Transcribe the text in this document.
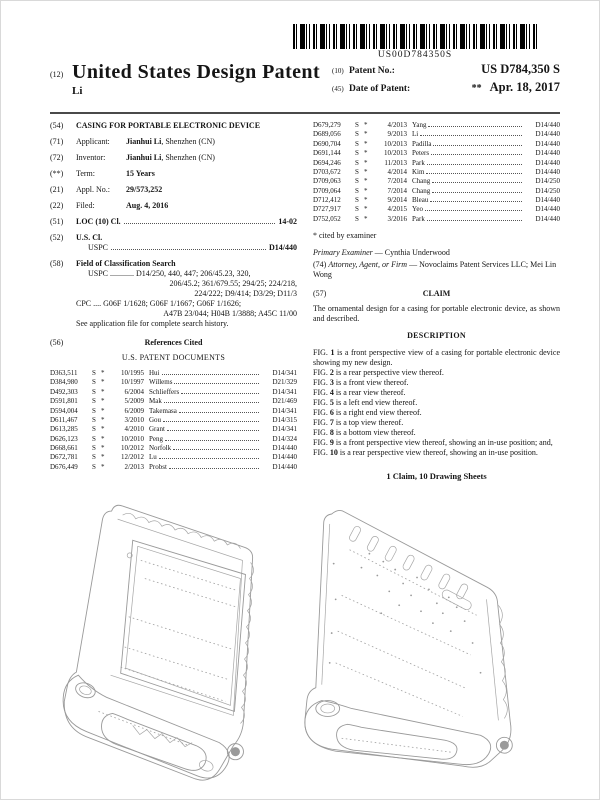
US00D784350S
(12) United States Design Patent
Li
(10) Patent No.:	US D784,350 S
(45) Date of Patent:	** Apr. 18, 2017
(54)	CASING FOR PORTABLE ELECTRONIC DEVICE
(71)	Applicant: Jianhui Li, Shenzhen (CN)
(72)	Inventor:	Jianhui Li, Shenzhen (CN)
(**)	Term:	15 Years
(21)	Appl. No.: 29/573,252
(22)	Filed:	Aug. 4, 2016
(51)	LOC (10) Cl.	14-02
(52)	U.S. Cl.
USPC	D14/440
(58)	Field of Classification Search
USPC ............ D14/250, 440, 447; 206/45.23, 320,
206/45.2; 361/679.55; 294/25; 224/218,
224/222; D9/414; D3/29; D11/3
CPC .... G06F 1/1628; G06F 1/1667; G06F 1/1626;
A47B 23/044; H04B 1/3888; A45C 11/00
See application file for complete search history.
(56)	References Cited
U.S. PATENT DOCUMENTS
D363,511	S *	10/1995 Hui	D14/341
D384,980	S *	10/1997 Willems	D21/329
D492,303	S *	6/2004 Schlieffers	D14/341
D591,801	S *	5/2009 Mak	D21/469
D594,004	S *	6/2009 Takemasa	D14/341
D611,467	S *	3/2010 Gou	D14/315
D613,285	S *	4/2010 Grant	D14/341
D626,123	S *	10/2010 Peng	D14/324
D668,661	S *	10/2012 Norfolk	D14/440
D672,781	S *	12/2012 Lu	D14/440
D676,449	S *	2/2013 Probst	D14/440
D679,279	S *	4/2013 Yang	D14/440
D689,056	S *	9/2013 Li	D14/440
D690,704	S *	10/2013 Padilla	D14/440
D691,144	S *	10/2013 Peters	D14/440
D694,246	S *	11/2013 Park	D14/440
D703,672	S *	4/2014 Kim	D14/440
D709,063	S *	7/2014 Chang	D14/250
D709,064	S *	7/2014 Chang	D14/250
D712,412	S *	9/2014 Bleau	D14/440
D727,917	S *	4/2015 Yeo	D14/440
D752,052	S *	3/2016 Park	D14/440
* cited by examiner
Primary Examiner — Cynthia Underwood
(74) Attorney, Agent, or Firm — Novoclaims Patent Services LLC; Mei Lin Wong
(57)	CLAIM
The ornamental design for a casing for portable electronic device, as shown and described.
DESCRIPTION
FIG. 1 is a front perspective view of a casing for portable electronic device showing my new design.
FIG. 2 is a rear perspective view thereof.
FIG. 3 is a front view thereof.
FIG. 4 is a rear view thereof.
FIG. 5 is a left end view thereof.
FIG. 6 is a right end view thereof.
FIG. 7 is a top view thereof.
FIG. 8 is a bottom view thereof.
FIG. 9 is a front perspective view thereof, showing an in-use position; and,
FIG. 10 is a rear perspective view thereof, showing an in-use position.
1 Claim, 10 Drawing Sheets
